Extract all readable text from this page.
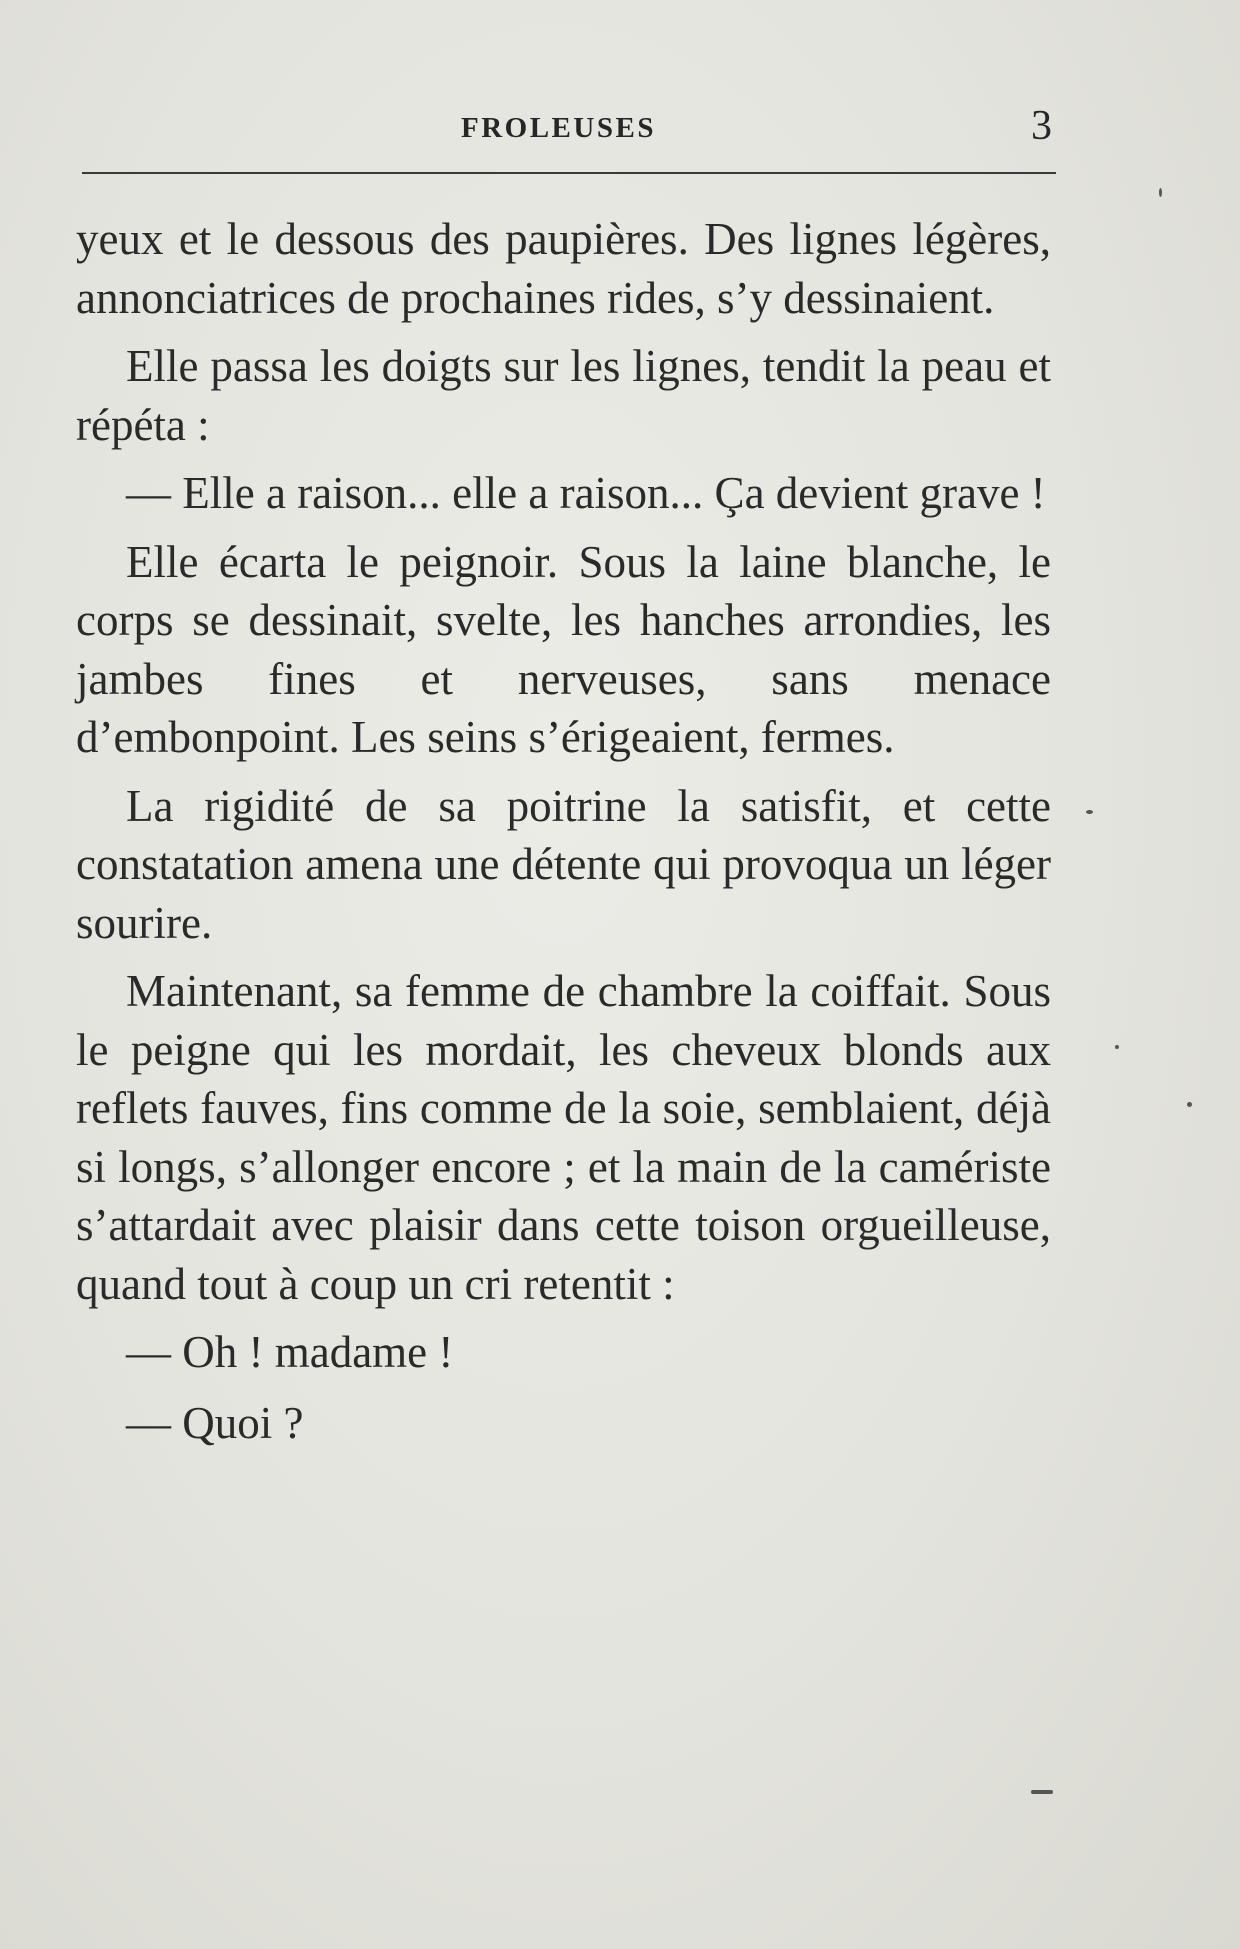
FROLEUSES	3

yeux et le dessous des paupières. Des lignes légères, annonciatrices de prochaines rides, s’y dessinaient.

Elle passa les doigts sur les lignes, tendit la peau et répéta :

— Elle a raison... elle a raison... Ça devient grave !

Elle écarta le peignoir. Sous la laine blanche, le corps se dessinait, svelte, les hanches arrondies, les jambes fines et nerveuses, sans menace d’embonpoint. Les seins s’érigeaient, fermes.

La rigidité de sa poitrine la satisfit, et cette constatation amena une détente qui provoqua un léger sourire.

Maintenant, sa femme de chambre la coiffait. Sous le peigne qui les mordait, les cheveux blonds aux reflets fauves, fins comme de la soie, semblaient, déjà si longs, s’allonger encore ; et la main de la camériste s’attardait avec plaisir dans cette toison orgueilleuse, quand tout à coup un cri retentit :

— Oh ! madame !

— Quoi ?
